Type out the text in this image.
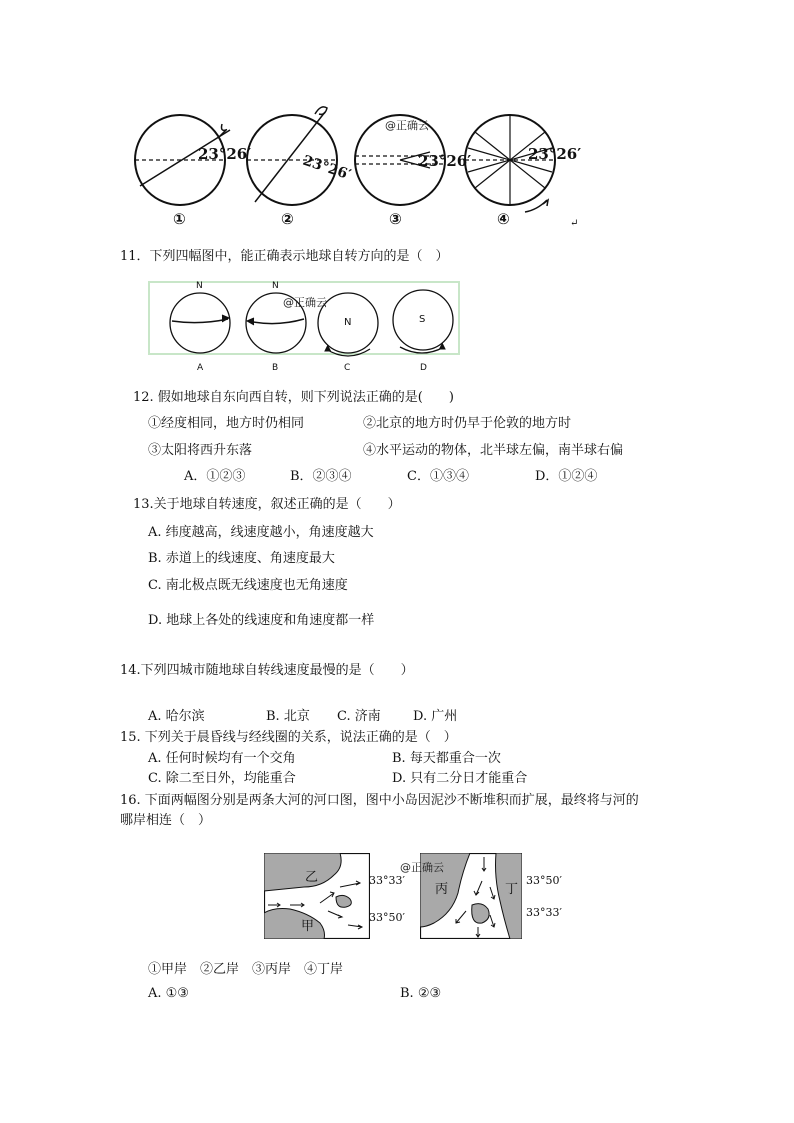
23°26′	23°26′	23°26′	23°26′
@正确云
①	②	③	④	↵
11．下列四幅图中，能正确表示地球自转方向的是（　）
N	N
N	S
@正确云
A	B	C	D
12. 假如地球自东向西自转，则下列说法正确的是(　　)
①经度相同，地方时仍相同	②北京的地方时仍早于伦敦的地方时
③太阳将西升东落	④水平运动的物体，北半球左偏，南半球右偏
A．①②③	B．②③④	C．①③④	D．①②④
13.关于地球自转速度，叙述正确的是（　　）
A. 纬度越高，线速度越小，角速度越大
B. 赤道上的线速度、角速度最大
C. 南北极点既无线速度也无角速度
D. 地球上各处的线速度和角速度都一样
14.下列四城市随地球自转线速度最慢的是（　　）
A. 哈尔滨	B. 北京 C. 济南 D. 广州
15. 下列关于晨昏线与经线圈的关系，说法正确的是（　）
A. 任何时候均有一个交角	B. 每天都重合一次
C. 除二至日外，均能重合	D. 只有二分日才能重合
16. 下面两幅图分别是两条大河的河口图，图中小岛因泥沙不断堆积而扩展，最终将与河的
哪岸相连（　）
乙
甲
33°33′
33°50′
丙	丁
33°50′
33°33′
@正确云
①甲岸　②乙岸　③丙岸　④丁岸
A. ①③	B. ②③
